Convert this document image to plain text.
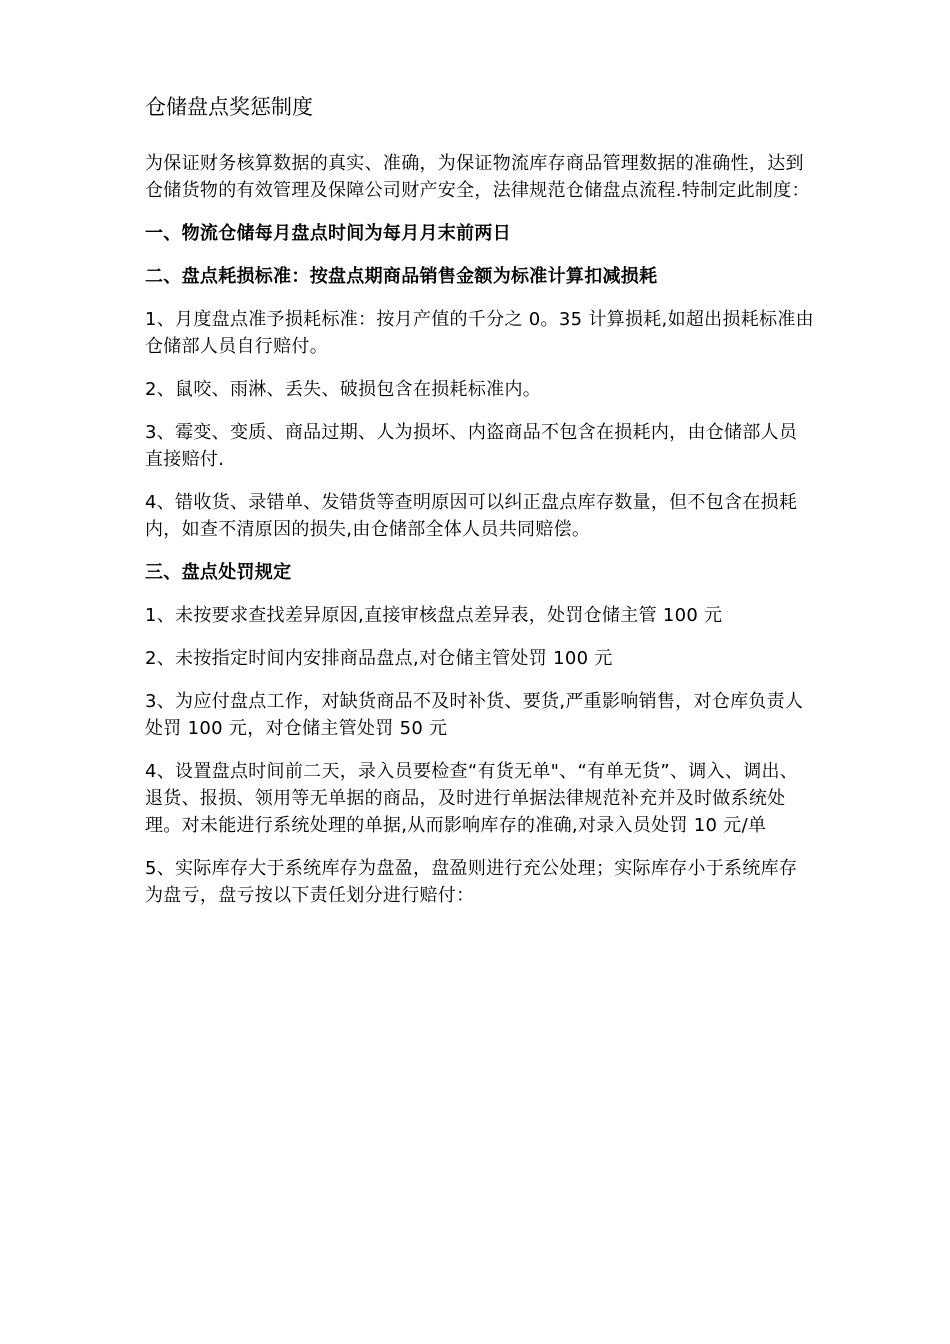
仓储盘点奖惩制度

为保证财务核算数据的真实、准确，为保证物流库存商品管理数据的准确性，达到仓储货物的有效管理及保障公司财产安全，法律规范仓储盘点流程.特制定此制度：

一、物流仓储每月盘点时间为每月月末前两日

二、盘点耗损标准：按盘点期商品销售金额为标准计算扣减损耗

1、月度盘点准予损耗标准：按月产值的千分之 0。35 计算损耗,如超出损耗标准由仓储部人员自行赔付。

2、鼠咬、雨淋、丢失、破损包含在损耗标准内。

3、霉变、变质、商品过期、人为损坏、内盗商品不包含在损耗内，由仓储部人员直接赔付.

4、错收货、录错单、发错货等查明原因可以纠正盘点库存数量，但不包含在损耗内，如查不清原因的损失,由仓储部全体人员共同赔偿。

三、盘点处罚规定

1、未按要求查找差异原因,直接审核盘点差异表，处罚仓储主管 100 元

2、未按指定时间内安排商品盘点,对仓储主管处罚 100 元

3、为应付盘点工作，对缺货商品不及时补货、要货,严重影响销售，对仓库负责人处罚 100 元，对仓储主管处罚 50 元

4、设置盘点时间前二天，录入员要检查“有货无单"、“有单无货”、调入、调出、退货、报损、领用等无单据的商品，及时进行单据法律规范补充并及时做系统处理。对未能进行系统处理的单据,从而影响库存的准确,对录入员处罚 10 元/单

5、实际库存大于系统库存为盘盈，盘盈则进行充公处理；实际库存小于系统库存为盘亏，盘亏按以下责任划分进行赔付：
